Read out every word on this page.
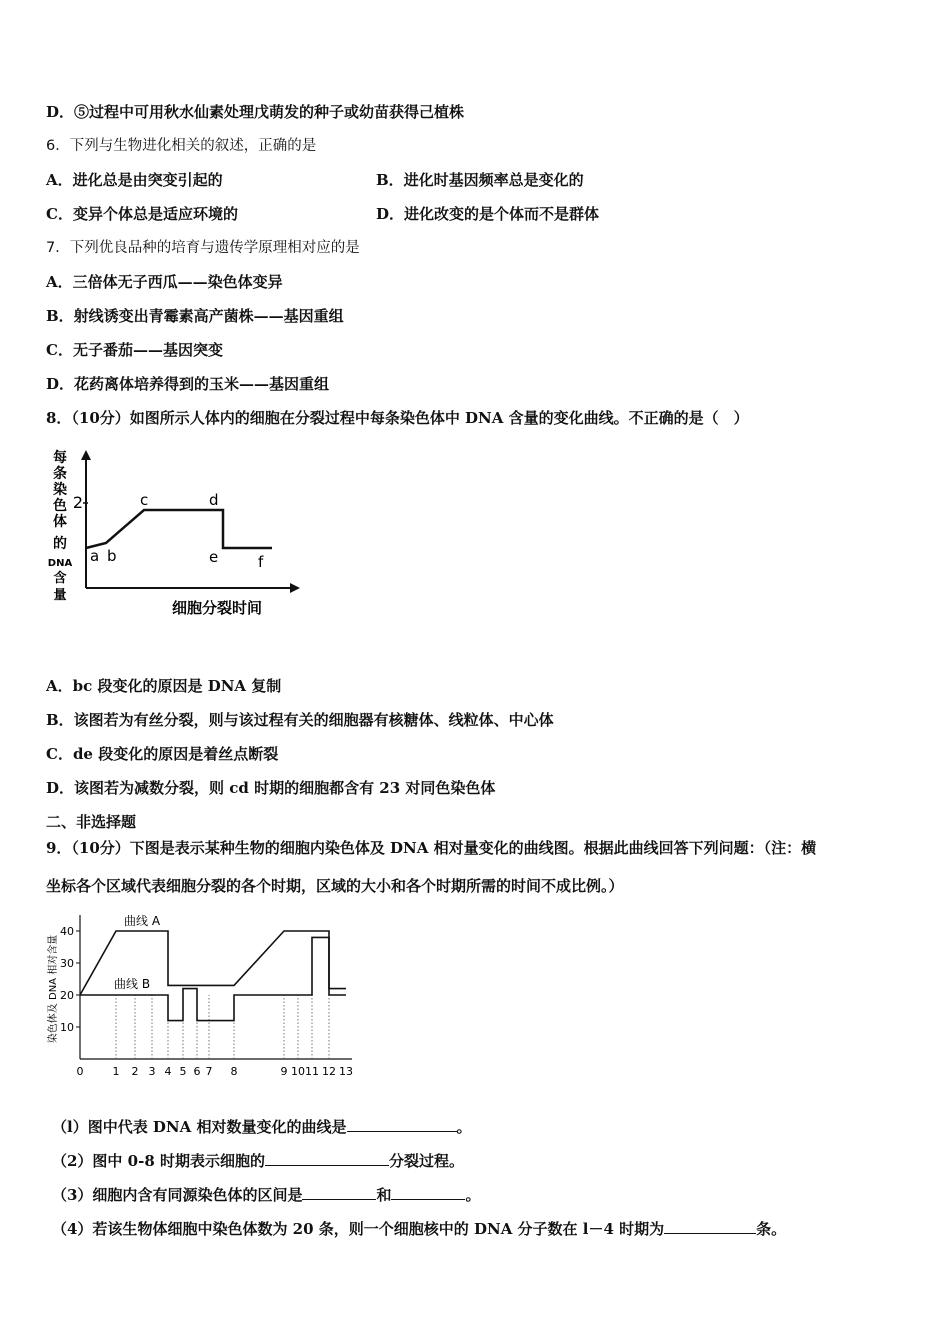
D．⑤过程中可用秋水仙素处理戊萌发的种子或幼苗获得己植株
6．下列与生物进化相关的叙述，正确的是
A．进化总是由突变引起的	B．进化时基因频率总是变化的
C．变异个体总是适应环境的	D．进化改变的是个体而不是群体
7．下列优良品种的培育与遗传学原理相对应的是
A．三倍体无子西瓜——染色体变异
B．射线诱变出青霉素高产菌株——基因重组
C．无子番茄——基因突变
D．花药离体培养得到的玉米——基因重组
8．（10分）如图所示人体内的细胞在分裂过程中每条染色体中 DNA 含量的变化曲线。不正确的是（　）
每
条
染
色
体
的
DNA
含
量
2
a b
c	d
e	f
细胞分裂时间
A．bc 段变化的原因是 DNA 复制
B．该图若为有丝分裂，则与该过程有关的细胞器有核糖体、线粒体、中心体
C．de 段变化的原因是着丝点断裂
D．该图若为减数分裂，则 cd 时期的细胞都含有 23 对同色染色体
二、非选择题
9．（10分）下图是表示某种生物的细胞内染色体及 DNA 相对量变化的曲线图。根据此曲线回答下列问题：（注：横
坐标各个区域代表细胞分裂的各个时期，区域的大小和各个时期所需的时间不成比例。）
10
20
30
40
0	1 2 3 4 5 6 7 8	9 10 11 12 13
曲线 A
曲线 B
染色体及 DNA 相对含量
（l）图中代表 DNA 相对数量变化的曲线是	。
（2）图中 0-8 时期表示细胞的	分裂过程。
（3）细胞内含有同源染色体的区间是	和	。
（4）若该生物体细胞中染色体数为 20 条，则一个细胞核中的 DNA 分子数在 l－4 时期为	条。
